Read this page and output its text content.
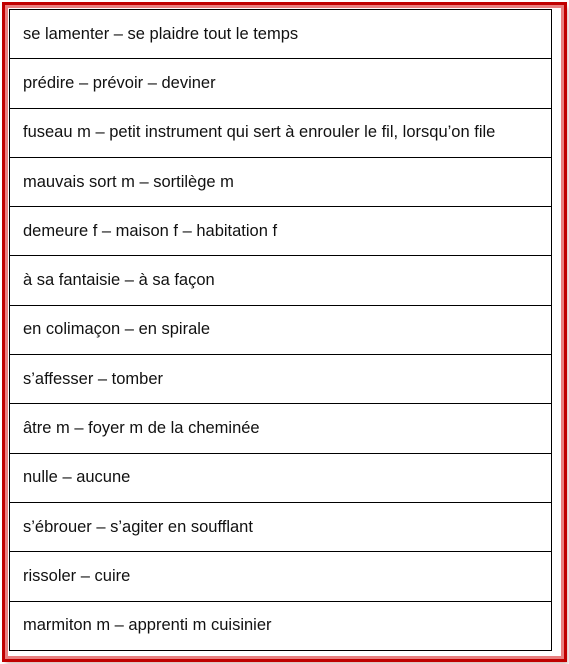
se lamenter – se plaidre tout le temps
prédire – prévoir – deviner
fuseau m – petit instrument qui sert à enrouler le fil, lorsqu’on file
mauvais sort m – sortilège m
demeure f – maison f – habitation f
à sa fantaisie – à sa façon
en colimaçon – en spirale
s’affesser – tomber
âtre m – foyer m de la cheminée
nulle – aucune
s’ébrouer – s’agiter en soufflant
rissoler – cuire
marmiton m – apprenti m cuisinier
